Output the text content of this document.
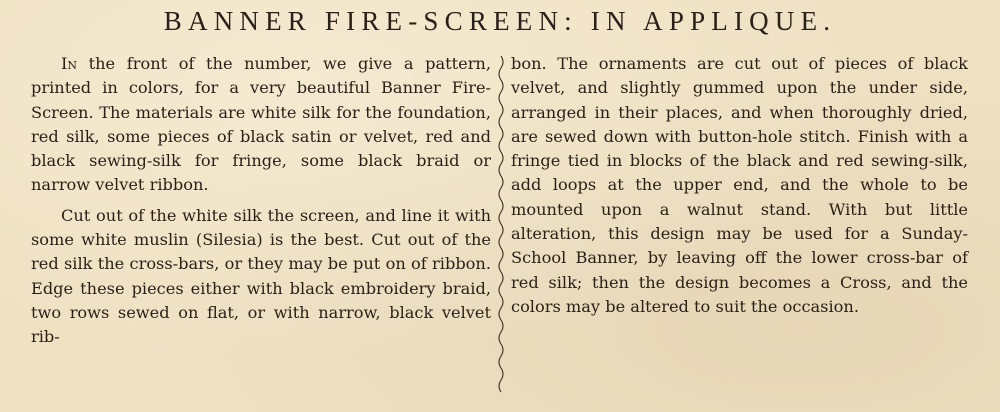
BANNER FIRE-SCREEN: IN APPLIQUE.

In the front of the number, we give a pattern, printed in colors, for a very beautiful Banner Fire-Screen. The materials are white silk for the foundation, red silk, some pieces of black satin or velvet, red and black sewing-silk for fringe, some black braid or narrow velvet ribbon.

Cut out of the white silk the screen, and line it with some white muslin (Silesia) is the best. Cut out of the red silk the cross-bars, or they may be put on of ribbon. Edge these pieces either with black embroidery braid, two rows sewed on flat, or with narrow, black velvet rib-

bon. The ornaments are cut out of pieces of black velvet, and slightly gummed upon the under side, arranged in their places, and when thoroughly dried, are sewed down with button-hole stitch. Finish with a fringe tied in blocks of the black and red sewing-silk, add loops at the upper end, and the whole to be mounted upon a walnut stand. With but little alteration, this design may be used for a Sunday-School Banner, by leaving off the lower cross-bar of red silk; then the design becomes a Cross, and the colors may be altered to suit the occasion.
